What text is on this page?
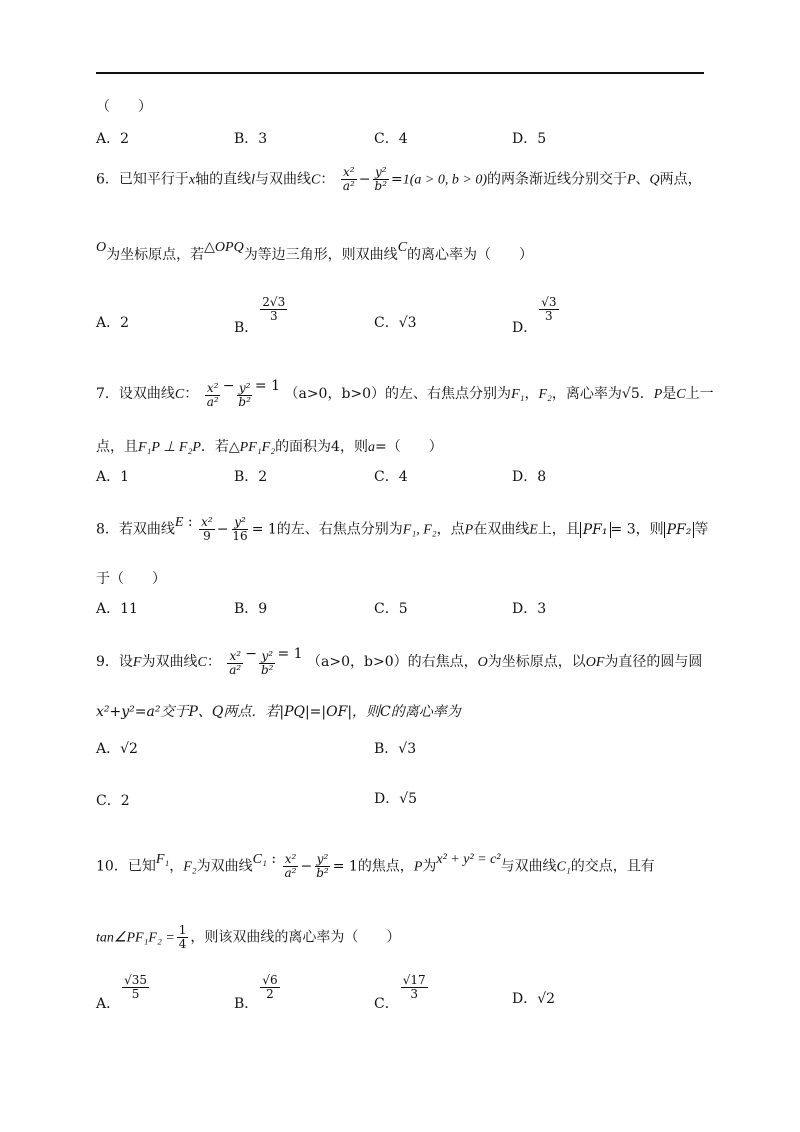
（　　）
A．2	B．3	C．4	D．5
6．已知平行于x轴的直线l与双曲线C： $\frac{\text{x²}}{\text{a²}} - \frac{\text{y²}}{\text{b²}} =1(a > 0$, b > 0)的两条渐近线分别交于P、Q两点，
O为坐标原点，若△OPQ为等边三角形，则双曲线C的离心率为（　　）
A．2	B．
$\frac{2√3}{3}$	C．√3	D．
$\frac{√3}{3}$
7．设双曲线C： $\frac{\text{x²}}{\text{a²}} - \frac{\text{y²}}{\text{b²}} = 1$ （a>0，b>0）的左、右焦点分别为F₁，F₂，离心率为√5．P是C上一
点，且F₁P ⊥ F₂P．若△PF₁F₂的面积为4，则a=（　　）
A．1	B．2	C．4	D．8
8．若双曲线E : $\frac{\text{x²}}{9} - \frac{\text{y²}}{16} = 1$的左、右焦点分别为F₁, F₂，点P在双曲线E上，且 PF₁ = 3，则 PF₂ 等
于（　　）
A．11	B．9	C．5	D．3
9．设F为双曲线C： $\frac{\text{x²}}{\text{a²}} - \frac{\text{y²}}{\text{b²}} = 1$ （a>0，b>0）的右焦点，O为坐标原点，以OF为直径的圆与圆
x²+y²=a²交于P、Q两点．若|PQ|=|OF|，则C的离心率为
A．√2	B．√3
C．2	D．√5
10．已知F₁，F₂为双曲线C₁ : $\frac{\text{x²}}{\text{a²}} - \frac{\text{y²}}{\text{b²}} = 1$的焦点，P为x² + y² = c²与双曲线C₁的交点，且有
tan∠PF₁F₂ = $\frac{1}{4}$ ，则该双曲线的离心率为（　　）
A．
$\frac{√35}{5}$
B．
$\frac{√6}{2}$
C．
$\frac{√17}{3}$	D．√2
